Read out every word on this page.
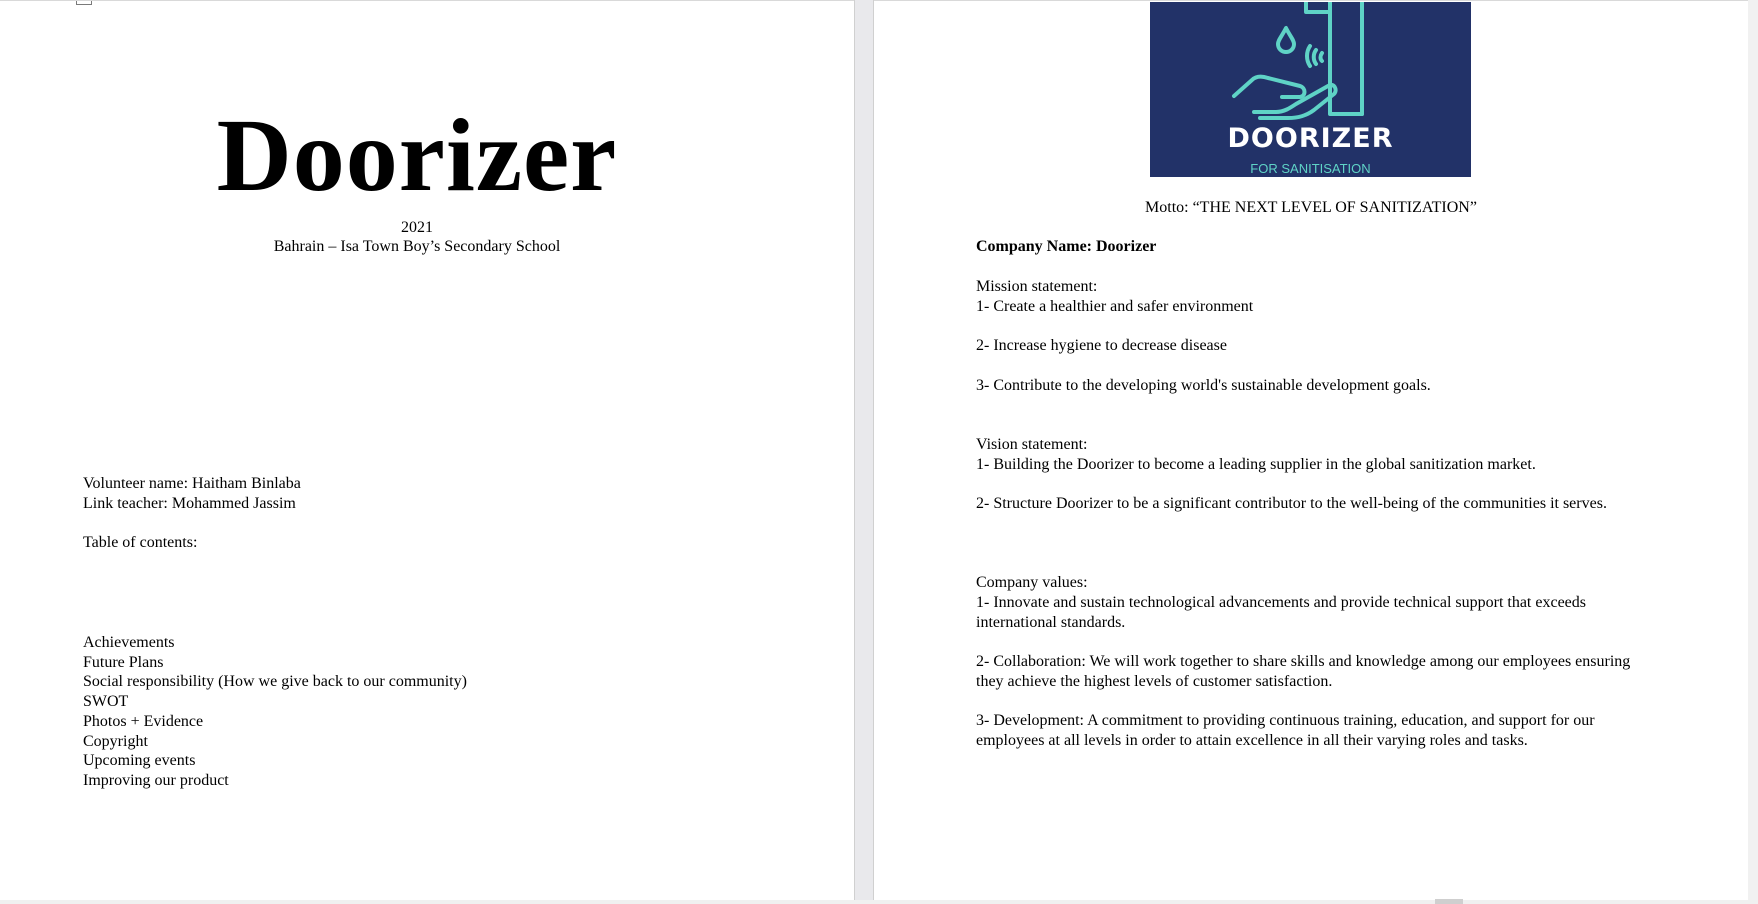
Doorizer
2021
Bahrain – Isa Town Boy’s Secondary School
Volunteer name: Haitham Binlaba
Link teacher: Mohammed Jassim
Table of contents:
Achievements
Future Plans
Social responsibility (How we give back to our community)
SWOT
Photos + Evidence
Copyright
Upcoming events
Improving our product
DOORIZER
FOR SANITISATION
Motto: “THE NEXT LEVEL OF SANITIZATION”
Company Name: Doorizer
Mission statement:
1- Create a healthier and safer environment
2- Increase hygiene to decrease disease
3- Contribute to the developing world's sustainable development goals.
Vision statement:
1- Building the Doorizer to become a leading supplier in the global sanitization market.
2- Structure Doorizer to be a significant contributor to the well-being of the communities it serves.
Company values:
1- Innovate and sustain technological advancements and provide technical support that exceeds international standards.
2- Collaboration: We will work together to share skills and knowledge among our employees ensuring they achieve the highest levels of customer satisfaction.
3- Development: A commitment to providing continuous training, education, and support for our employees at all levels in order to attain excellence in all their varying roles and tasks.
